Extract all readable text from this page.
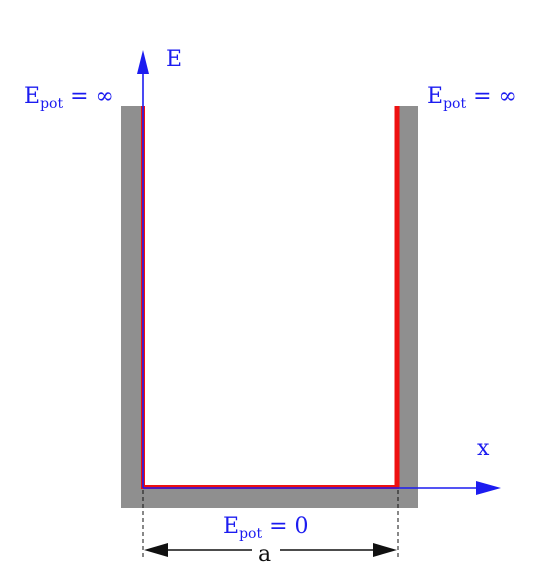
E
x
$E_{pot}$ = ∞	$E_{pot}$ = ∞
$E_{pot} = 0$
a
